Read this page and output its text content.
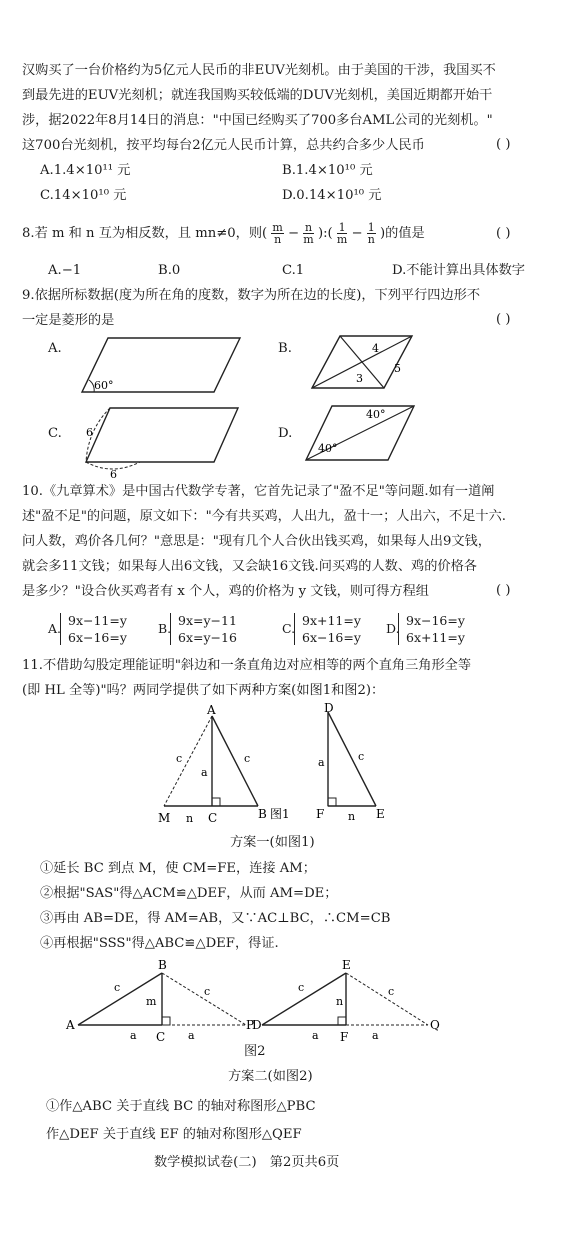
汉购买了一台价格约为5亿元人民币的非EUV光刻机。由于美国的干涉，我国买不
到最先进的EUV光刻机；就连我国购买较低端的DUV光刻机，美国近期都开始干
涉，据2022年8月14日的消息："中国已经购买了700多台AML公司的光刻机。"
这700台光刻机，按平均每台2亿元人民币计算，总共约合多少人民币	( )
A.1.4×10¹¹ 元	B.1.4×10¹⁰ 元
C.14×10¹⁰ 元	D.0.14×10¹⁰ 元
8.若 m 和 n 互为相反数，且 mn≠0，则( $\frac{m}{n} - \frac{n}{m}$ ):( $\frac{1}{m} - \frac{1}{n}$ )的值是	( )
A.−1	B.0	C.1	D.不能计算出具体数字
9.依据所标数据(度为所在角的度数，数字为所在边的长度)，下列平行四边形不
一定是菱形的是	( )
A.	B.
C.	D.
60°
4
3
5
6
6
40°
40°
10.《九章算术》是中国古代数学专著，它首先记录了"盈不足"等问题.如有一道阐
述"盈不足"的问题，原文如下："今有共买鸡，人出九，盈十一；人出六，不足十六.
问人数，鸡价各几何？"意思是："现有几个人合伙出钱买鸡，如果每人出9文钱，
就会多11文钱；如果每人出6文钱，又会缺16文钱.问买鸡的人数、鸡的价格各
是多少？"设合伙买鸡者有 x 个人，鸡的价格为 y 文钱，则可得方程组	( )
A.
9x−11=y
6x−16=y
B.
9x=y−11
6x=y−16
C.
9x+11=y
6x−16=y
D.
9x−16=y
6x+11=y
11.不借助勾股定理能证明"斜边和一条直角边对应相等的两个直角三角形全等
(即 HL 全等)"吗？两同学提供了如下两种方案(如图1和图2)：
A
B
C
M
a
c
c
n	图1
D
E
F
a	c
n
方案一(如图1)
①延长 BC 到点 M，使 CM=FE，连接 AM；
②根据"SAS"得△ACM≌△DEF，从而 AM=DE；
③再由 AB=DE，得 AM=AB，又∵AC⊥BC，∴CM=CB
④再根据"SSS"得△ABC≌△DEF，得证.
B
A
C
P
c
m
c
a	a
E
D
F
Q
c
n
c
a	a
图2
方案二(如图2)
①作△ABC 关于直线 BC 的轴对称图形△PBC
作△DEF 关于直线 EF 的轴对称图形△QEF
数学模拟试卷(二)　第2页共6页
